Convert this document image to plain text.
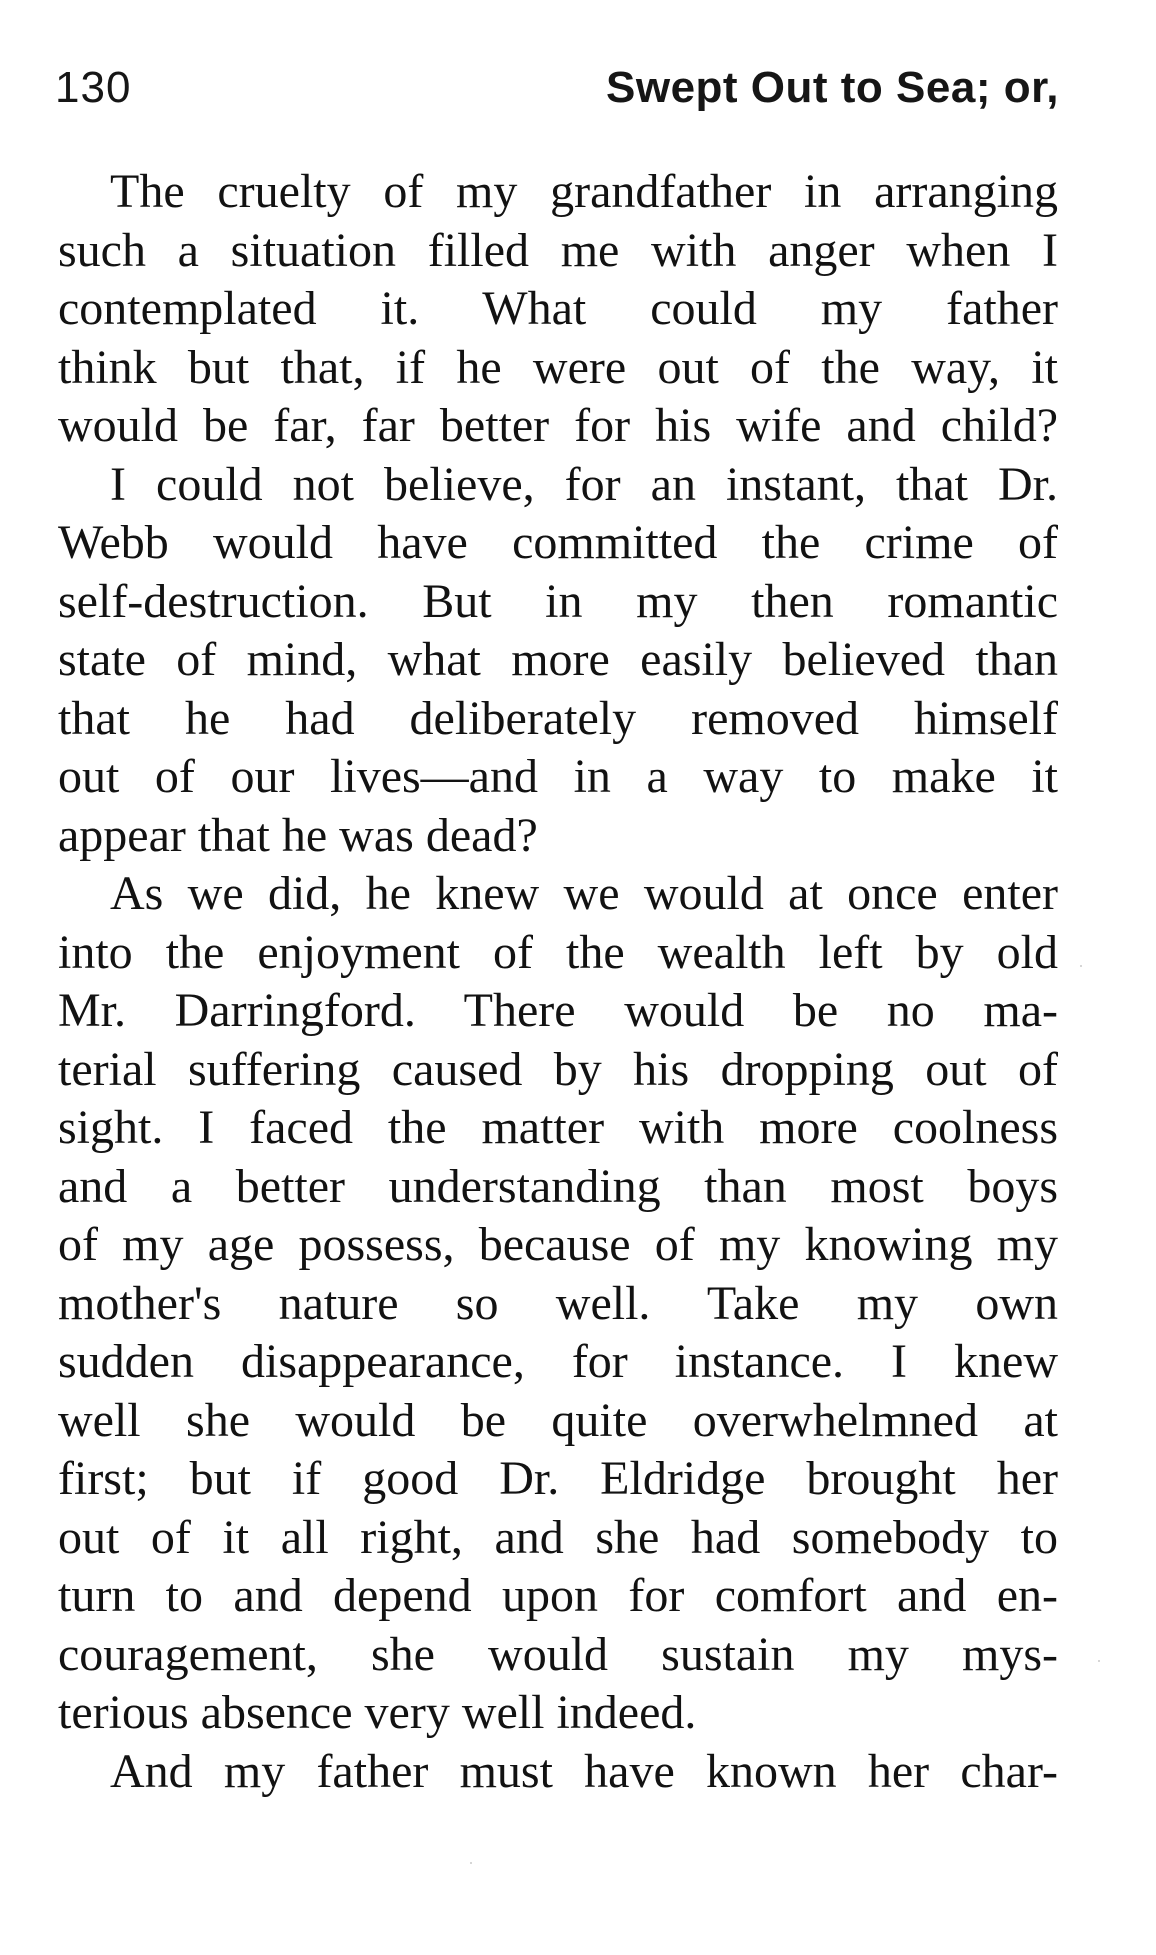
130	Swept Out to Sea; or,

The cruelty of my grandfather in arranging
such a situation filled me with anger when I
contemplated it. What could my father
think but that, if he were out of the way, it
would be far, far better for his wife and child?

I could not believe, for an instant, that Dr.
Webb would have committed the crime of
self-destruction. But in my then romantic
state of mind, what more easily believed than
that he had deliberately removed himself
out of our lives—and in a way to make it
appear that he was dead?

As we did, he knew we would at once enter
into the enjoyment of the wealth left by old
Mr. Darringford. There would be no ma-
terial suffering caused by his dropping out of
sight. I faced the matter with more coolness
and a better understanding than most boys
of my age possess, because of my knowing my
mother's nature so well. Take my own
sudden disappearance, for instance. I knew
well she would be quite overwhelmned at
first; but if good Dr. Eldridge brought her
out of it all right, and she had somebody to
turn to and depend upon for comfort and en-
couragement, she would sustain my mys-
terious absence very well indeed.

And my father must have known her char-
